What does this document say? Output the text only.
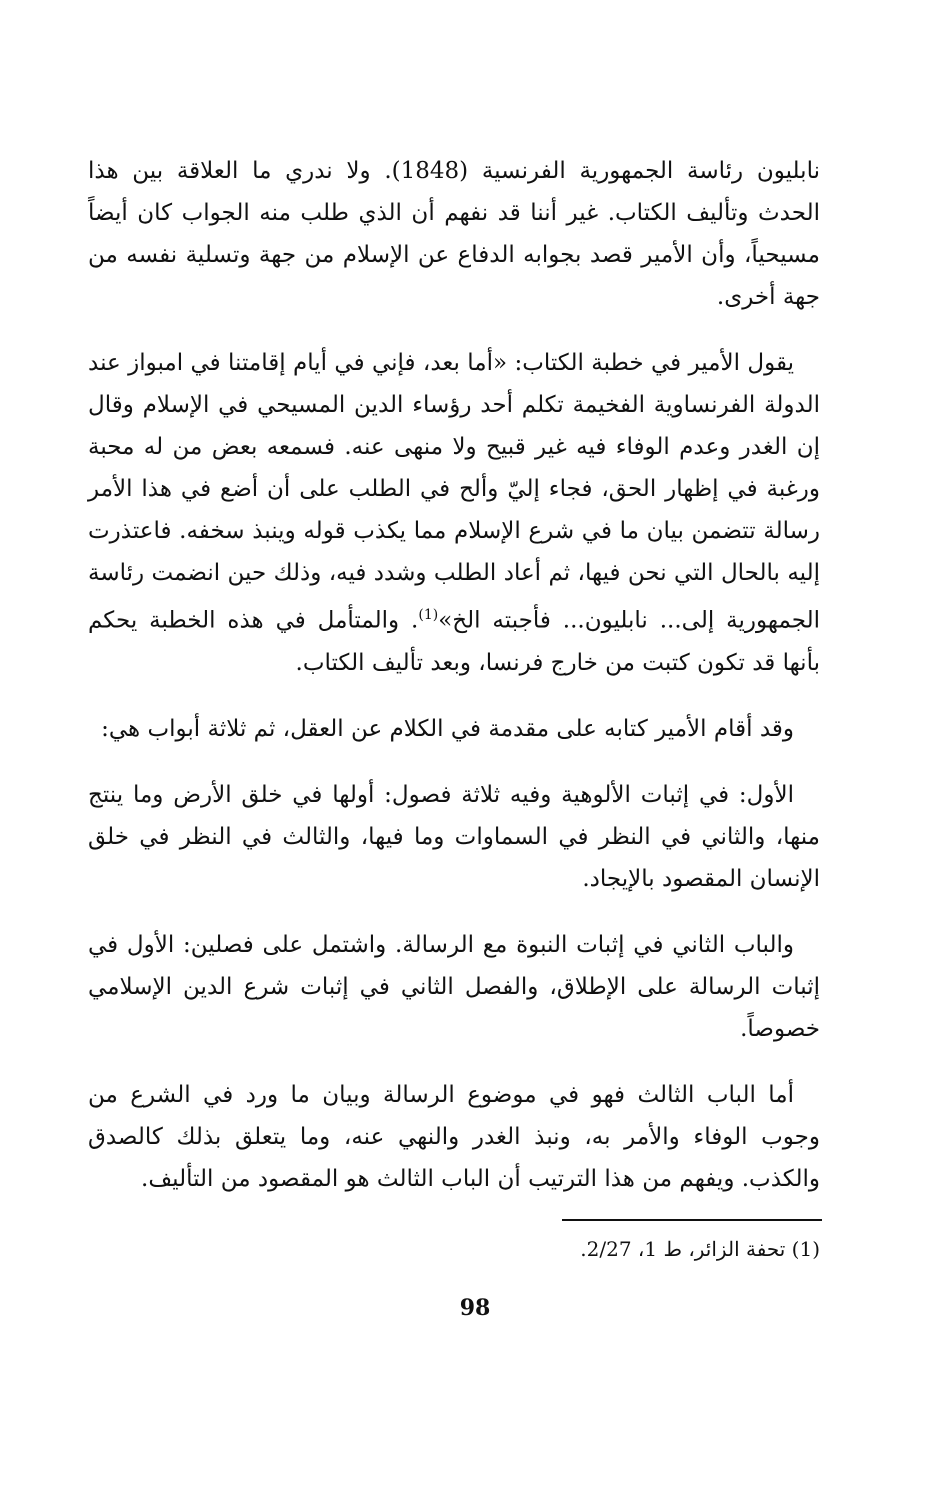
نابليون رئاسة الجمهورية الفرنسية (1848). ولا ندري ما العلاقة بين هذا الحدث وتأليف الكتاب. غير أننا قد نفهم أن الذي طلب منه الجواب كان أيضاً مسيحياً، وأن الأمير قصد بجوابه الدفاع عن الإسلام من جهة وتسلية نفسه من جهة أخرى.

يقول الأمير في خطبة الكتاب: «أما بعد، فإني في أيام إقامتنا في امبواز عند الدولة الفرنساوية الفخيمة تكلم أحد رؤساء الدين المسيحي في الإسلام وقال إن الغدر وعدم الوفاء فيه غير قبيح ولا منهى عنه. فسمعه بعض من له محبة ورغبة في إظهار الحق، فجاء إليّ وألح في الطلب على أن أضع في هذا الأمر رسالة تتضمن بيان ما في شرع الإسلام مما يكذب قوله وينبذ سخفه. فاعتذرت إليه بالحال التي نحن فيها، ثم أعاد الطلب وشدد فيه، وذلك حين انضمت رئاسة الجمهورية إلى... نابليون... فأجبته الخ»$^{(1)}$. والمتأمل في هذه الخطبة يحكم بأنها قد تكون كتبت من خارج فرنسا، وبعد تأليف الكتاب.

وقد أقام الأمير كتابه على مقدمة في الكلام عن العقل، ثم ثلاثة أبواب هي:

الأول: في إثبات الألوهية وفيه ثلاثة فصول: أولها في خلق الأرض وما ينتج منها، والثاني في النظر في السماوات وما فيها، والثالث في النظر في خلق الإنسان المقصود بالإيجاد.

والباب الثاني في إثبات النبوة مع الرسالة. واشتمل على فصلين: الأول في إثبات الرسالة على الإطلاق، والفصل الثاني في إثبات شرع الدين الإسلامي خصوصاً.

أما الباب الثالث فهو في موضوع الرسالة وبيان ما ورد في الشرع من وجوب الوفاء والأمر به، ونبذ الغدر والنهي عنه، وما يتعلق بذلك كالصدق والكذب. ويفهم من هذا الترتيب أن الباب الثالث هو المقصود من التأليف.

(1) تحفة الزائر، ط 1، 2/27.
98
